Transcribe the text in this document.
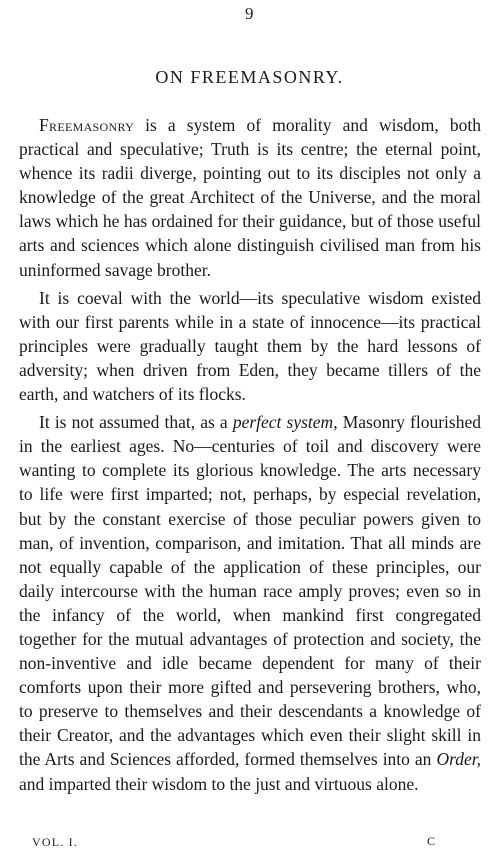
9
ON FREEMASONRY.

Freemasonry is a system of morality and wisdom, both practical and speculative; Truth is its centre; the eternal point, whence its radii diverge, pointing out to its disciples not only a knowledge of the great Architect of the Universe, and the moral laws which he has ordained for their guidance, but of those useful arts and sciences which alone distinguish civilised man from his uninformed savage brother.

It is coeval with the world—its speculative wisdom existed with our first parents while in a state of innocence—its practical principles were gradually taught them by the hard lessons of adversity; when driven from Eden, they became tillers of the earth, and watchers of its flocks.

It is not assumed that, as a perfect system, Masonry flourished in the earliest ages. No—centuries of toil and discovery were wanting to complete its glorious knowledge. The arts necessary to life were first imparted; not, perhaps, by especial revelation, but by the constant exercise of those peculiar powers given to man, of invention, comparison, and imitation. That all minds are not equally capable of the application of these principles, our daily intercourse with the human race amply proves; even so in the infancy of the world, when mankind first congregated together for the mutual advantages of protection and society, the non-inventive and idle became dependent for many of their comforts upon their more gifted and persevering brothers, who, to preserve to themselves and their descendants a knowledge of their Creator, and the advantages which even their slight skill in the Arts and Sciences afforded, formed themselves into an Order, and imparted their wisdom to the just and virtuous alone.

VOL. I.	C
